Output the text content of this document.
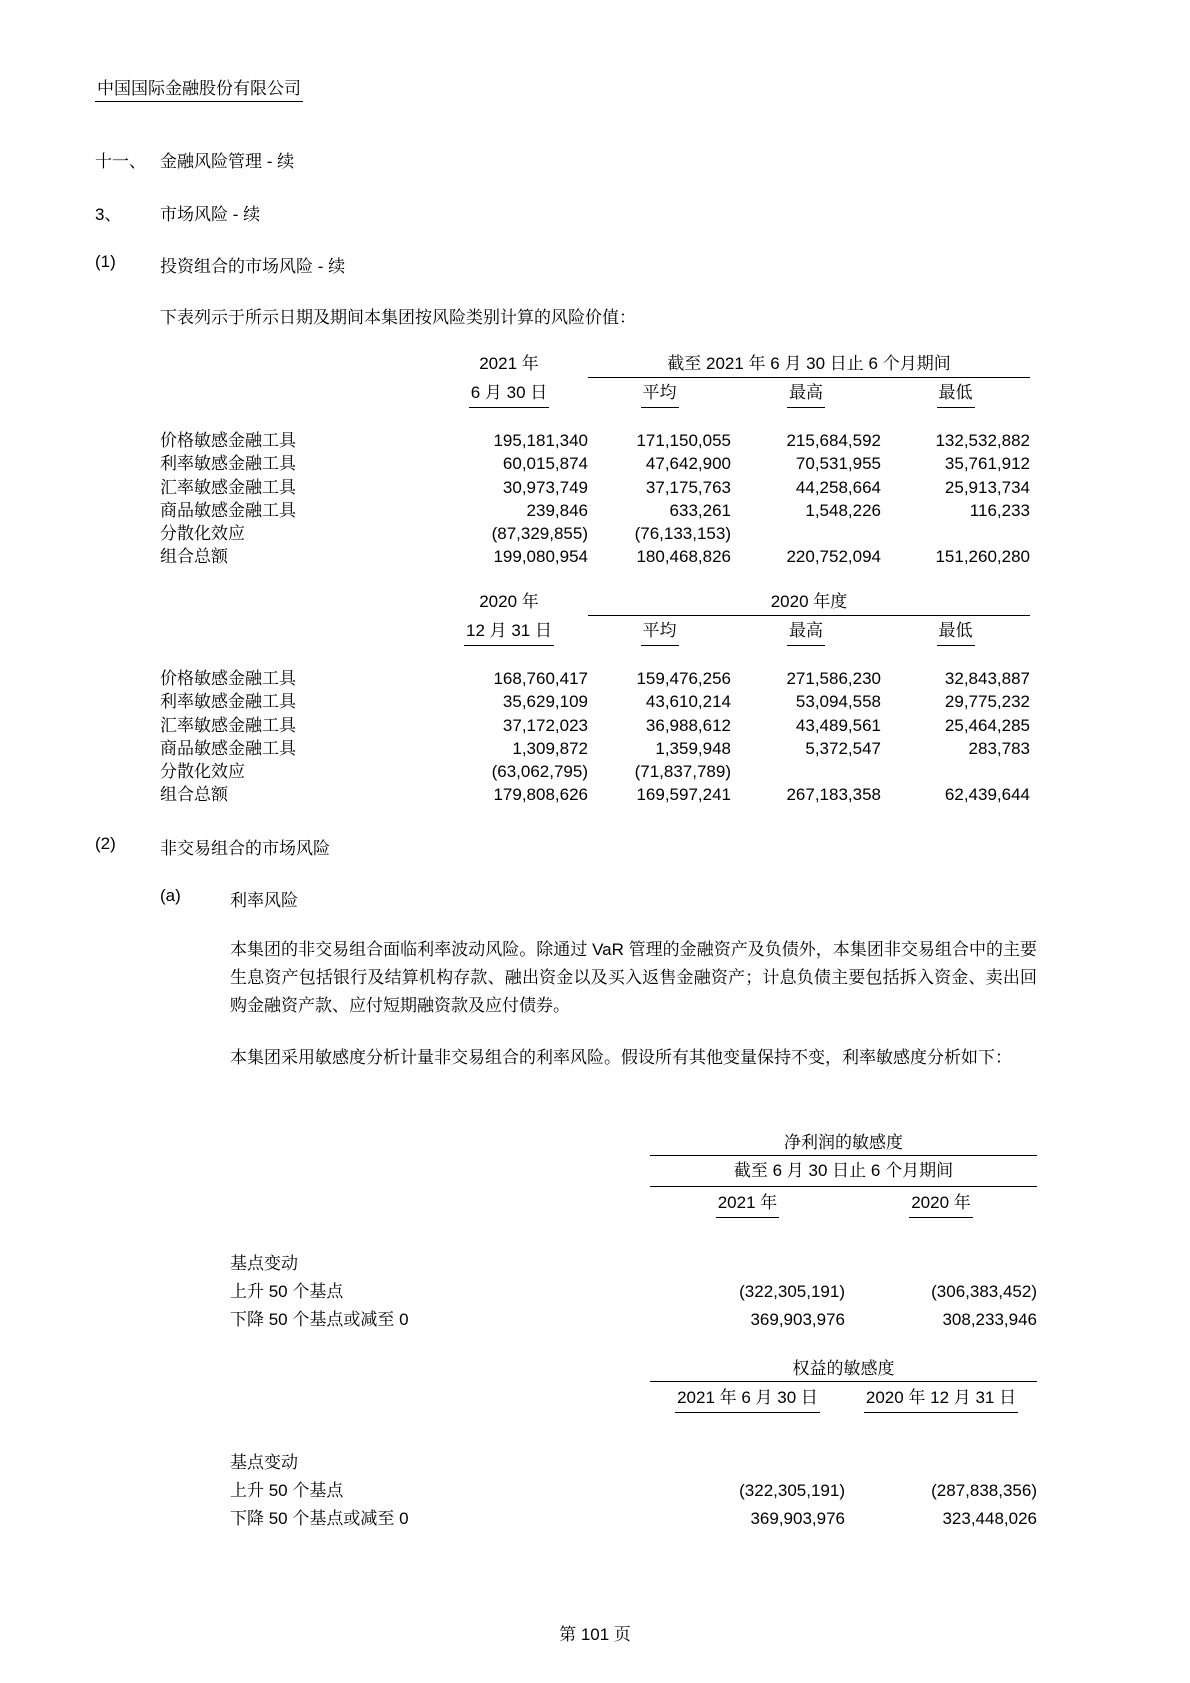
中国国际金融股份有限公司
十一、 金融风险管理 - 续
3、	市场风险 - 续
(1)	投资组合的市场风险 - 续
下表列示于所示日期及期间本集团按风险类别计算的风险价值：
2021 年	截至 2021 年 6 月 30 日止 6 个月期间
6 月 30 日	平均	最高	最低
价格敏感金融工具	195,181,340	171,150,055	215,684,592	132,532,882
利率敏感金融工具	60,015,874	47,642,900	70,531,955	35,761,912
汇率敏感金融工具	30,973,749	37,175,763	44,258,664	25,913,734
商品敏感金融工具	239,846	633,261	1,548,226	116,233
分散化效应	(87,329,855)	(76,133,153)
组合总额	199,080,954	180,468,826	220,752,094	151,260,280
2020 年	2020 年度
12 月 31 日	平均	最高	最低
价格敏感金融工具	168,760,417	159,476,256	271,586,230	32,843,887
利率敏感金融工具	35,629,109	43,610,214	53,094,558	29,775,232
汇率敏感金融工具	37,172,023	36,988,612	43,489,561	25,464,285
商品敏感金融工具	1,309,872	1,359,948	5,372,547	283,783
分散化效应	(63,062,795)	(71,837,789)
组合总额	179,808,626	169,597,241	267,183,358	62,439,644
(2)	非交易组合的市场风险
(a)	利率风险
本集团的非交易组合面临利率波动风险。除通过 VaR 管理的金融资产及负债外，本集团非交易组合中的主要生息资产包括银行及结算机构存款、融出资金以及买入返售金融资产；计息负债主要包括拆入资金、卖出回购金融资产款、应付短期融资款及应付债券。
本集团采用敏感度分析计量非交易组合的利率风险。假设所有其他变量保持不变，利率敏感度分析如下：
净利润的敏感度
截至 6 月 30 日止 6 个月期间
2021 年	2020 年
基点变动
上升 50 个基点	(322,305,191)	(306,383,452)
下降 50 个基点或减至 0	369,903,976	308,233,946
权益的敏感度
2021 年 6 月 30 日	2020 年 12 月 31 日
基点变动
上升 50 个基点	(322,305,191)	(287,838,356)
下降 50 个基点或减至 0	369,903,976	323,448,026
第 101 页
